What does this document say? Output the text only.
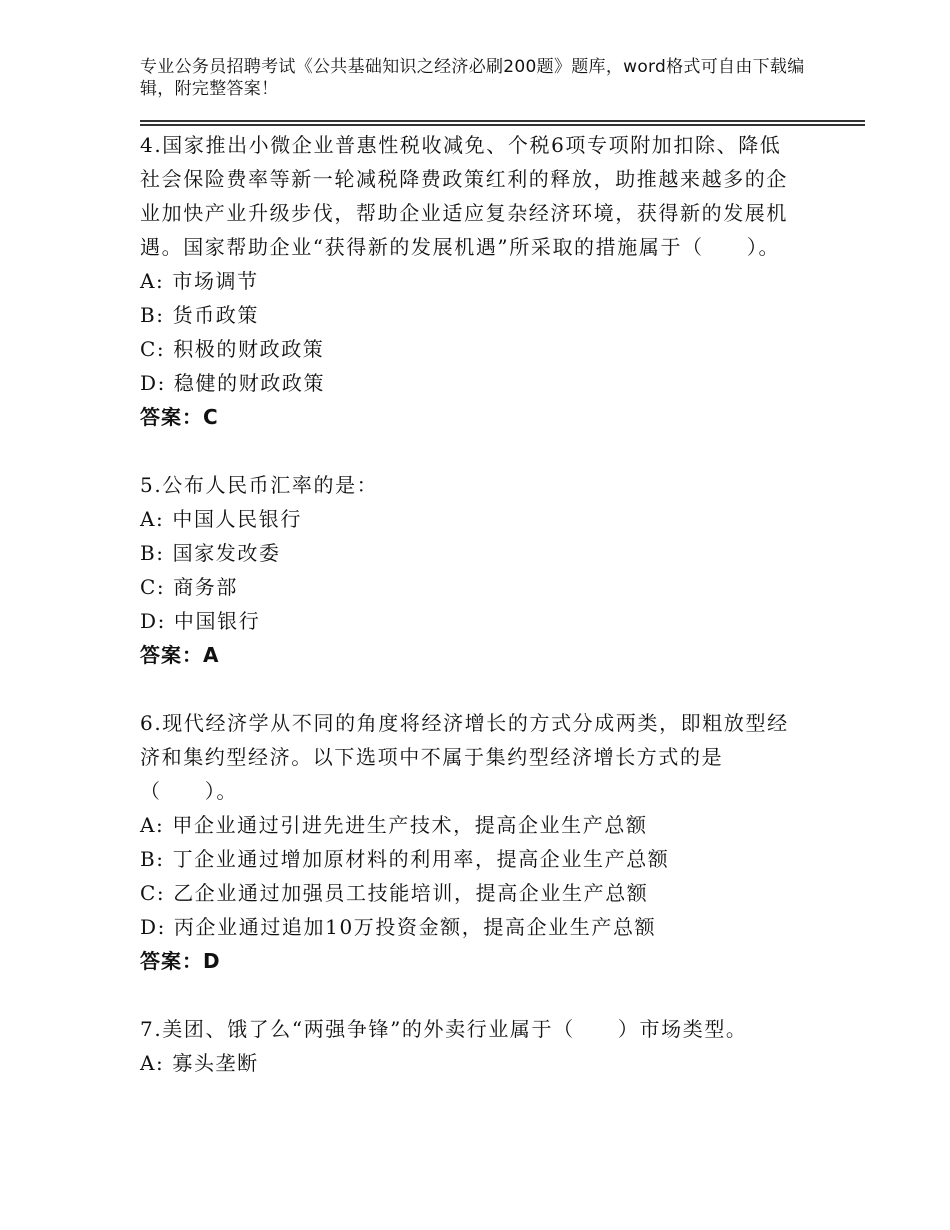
专业公务员招聘考试《公共基础知识之经济必刷200题》题库，word格式可自由下载编辑，附完整答案！

4.国家推出小微企业普惠性税收减免、个税6项专项附加扣除、降低社会保险费率等新一轮减税降费政策红利的释放，助推越来越多的企业加快产业升级步伐，帮助企业适应复杂经济环境，获得新的发展机遇。国家帮助企业“获得新的发展机遇”所采取的措施属于（　　）。

A: 市场调节

B: 货币政策

C: 积极的财政政策

D: 稳健的财政政策

答案：C

5.公布人民币汇率的是：

A: 中国人民银行

B: 国家发改委

C: 商务部

D: 中国银行

答案：A

6.现代经济学从不同的角度将经济增长的方式分成两类，即粗放型经济和集约型经济。以下选项中不属于集约型经济增长方式的是（　　）。

A: 甲企业通过引进先进生产技术，提高企业生产总额

B: 丁企业通过增加原材料的利用率，提高企业生产总额

C: 乙企业通过加强员工技能培训，提高企业生产总额

D: 丙企业通过追加10万投资金额，提高企业生产总额

答案：D

7.美团、饿了么“两强争锋”的外卖行业属于（　　）市场类型。

A: 寡头垄断
